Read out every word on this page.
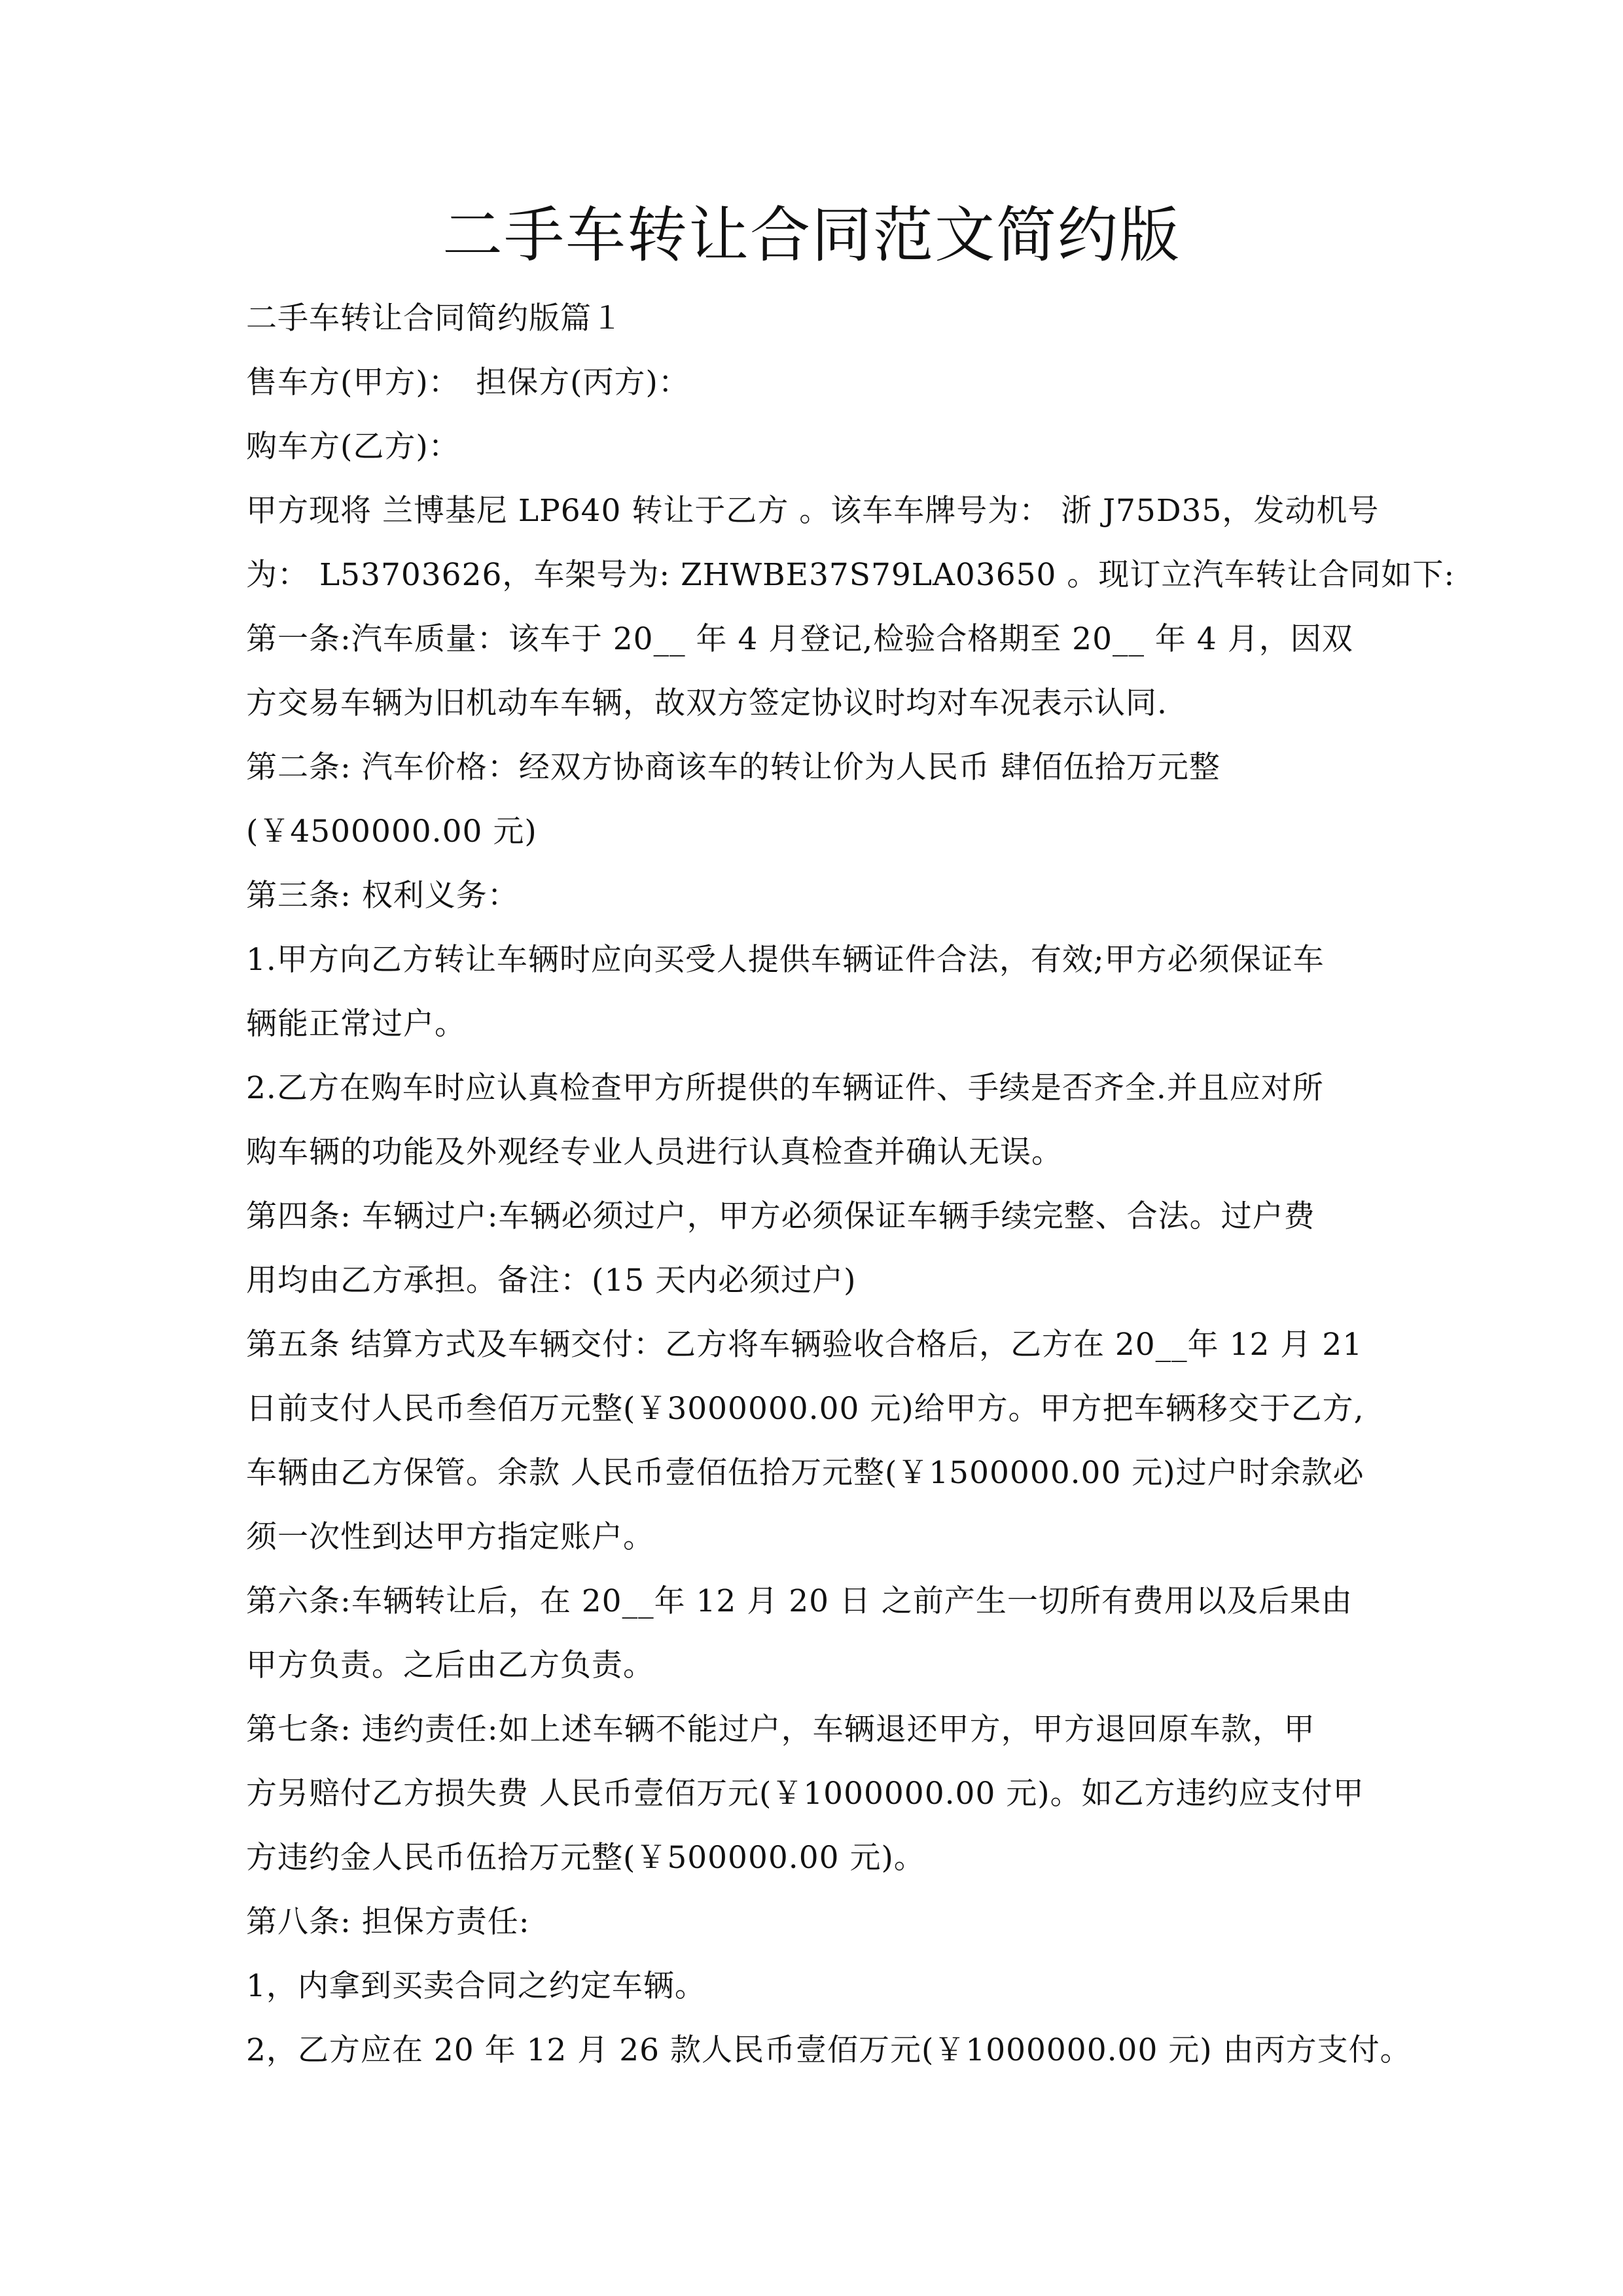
二手车转让合同范文简约版
二手车转让合同简约版篇１
售车方(甲方)：　担保方(丙方)：
购车方(乙方)：
甲方现将 兰博基尼 LP640 转让于乙方 。该车车牌号为： 浙 J75D35，发动机号
为： L53703626，车架号为: ZHWBE37S79LA03650 。现订立汽车转让合同如下:
第一条:汽车质量：该车于 20__ 年 4 月登记,检验合格期至 20__ 年 4 月，因双
方交易车辆为旧机动车车辆，故双方签定协议时均对车况表示认同.
第二条: 汽车价格：经双方协商该车的转让价为人民币 肆佰伍拾万元整
(￥4500000.00 元)
第三条: 权利义务：
1.甲方向乙方转让车辆时应向买受人提供车辆证件合法，有效;甲方必须保证车
辆能正常过户。
2.乙方在购车时应认真检查甲方所提供的车辆证件、手续是否齐全.并且应对所
购车辆的功能及外观经专业人员进行认真检查并确认无误。
第四条: 车辆过户:车辆必须过户，甲方必须保证车辆手续完整、合法。过户费
用均由乙方承担。备注：(15 天内必须过户)
第五条 结算方式及车辆交付：乙方将车辆验收合格后，乙方在 20__年 12 月 21
日前支付人民币叁佰万元整(￥3000000.00 元)给甲方。甲方把车辆移交于乙方,
车辆由乙方保管。余款 人民币壹佰伍拾万元整(￥1500000.00 元)过户时余款必
须一次性到达甲方指定账户。
第六条:车辆转让后，在 20__年 12 月 20 日 之前产生一切所有费用以及后果由
甲方负责。之后由乙方负责。
第七条: 违约责任:如上述车辆不能过户，车辆退还甲方，甲方退回原车款，甲
方另赔付乙方损失费 人民币壹佰万元(￥1000000.00 元)。如乙方违约应支付甲
方违约金人民币伍拾万元整(￥500000.00 元)。
第八条: 担保方责任:
1，内拿到买卖合同之约定车辆。
2，乙方应在 20 年 12 月 26 款人民币壹佰万元(￥1000000.00 元) 由丙方支付。
